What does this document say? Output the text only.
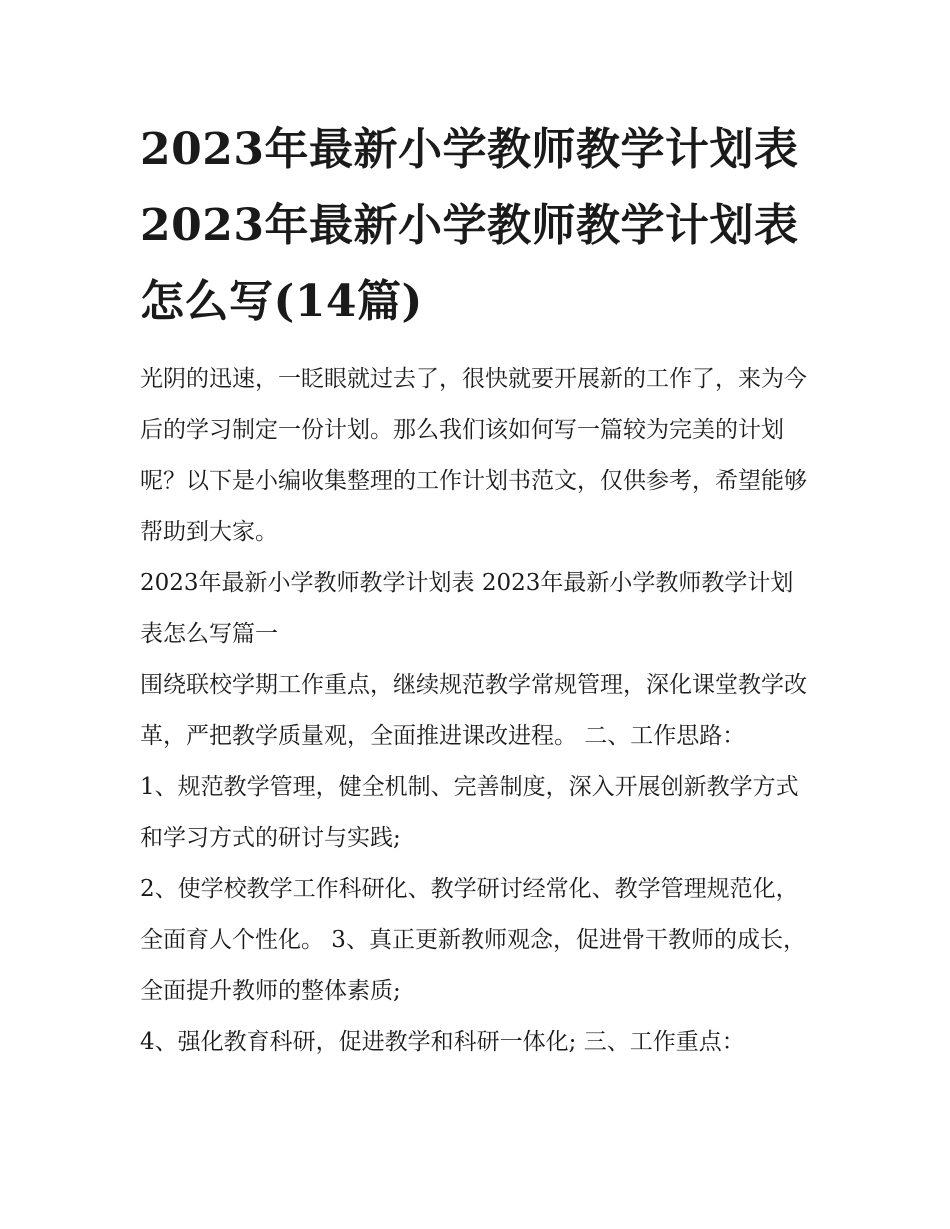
2023年最新小学教师教学计划表 2023年最新小学教师教学计划表怎么写(14篇)

光阴的迅速，一眨眼就过去了，很快就要开展新的工作了，来为今后的学习制定一份计划。那么我们该如何写一篇较为完美的计划呢？以下是小编收集整理的工作计划书范文，仅供参考，希望能够帮助到大家。

2023年最新小学教师教学计划表 2023年最新小学教师教学计划表怎么写篇一

围绕联校学期工作重点，继续规范教学常规管理，深化课堂教学改革，严把教学质量观，全面推进课改进程。 二、工作思路：

1、规范教学管理，健全机制、完善制度，深入开展创新教学方式和学习方式的研讨与实践;

2、使学校教学工作科研化、教学研讨经常化、教学管理规范化，全面育人个性化。 3、真正更新教师观念，促进骨干教师的成长，全面提升教师的整体素质;

4、强化教育科研，促进教学和科研一体化; 三、工作重点：
